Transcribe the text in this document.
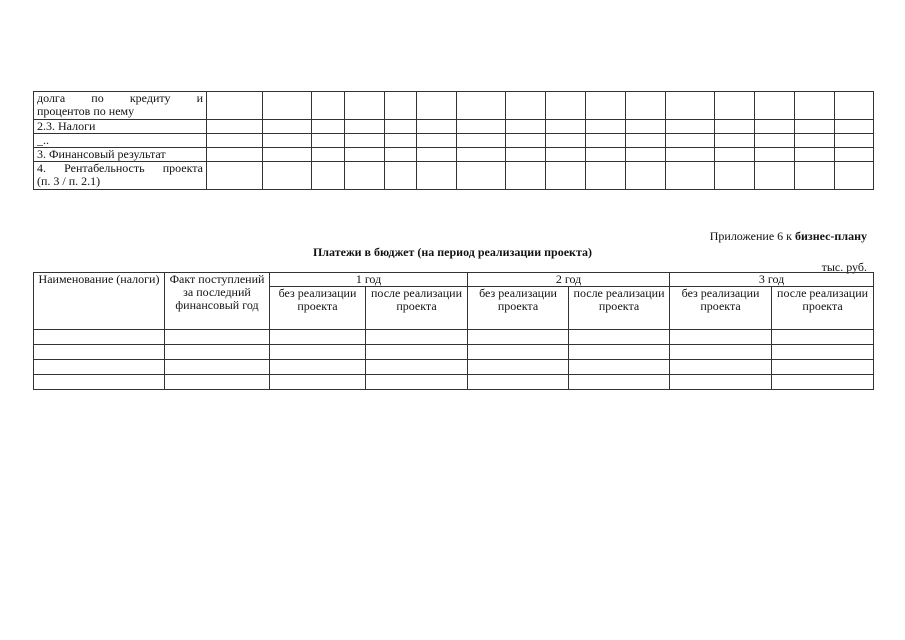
долга по кредиту и
процентов по нему																

2.3. Налоги																
_..																
3. Финансовый результат																

4. Рентабельность проекта
(п. 3 / п. 2.1)																

Приложение 6 к бизнес-плану
Платежи в бюджет (на период реализации проекта)
тыс. руб.
Наименование (налоги)	Факт поступлений за последний финансовый год	1 год		2 год		3 год	
		без реализации проекта	после реализации проекта	без реализации проекта	после реализации проекта	без реализации проекта	после реализации проекта
